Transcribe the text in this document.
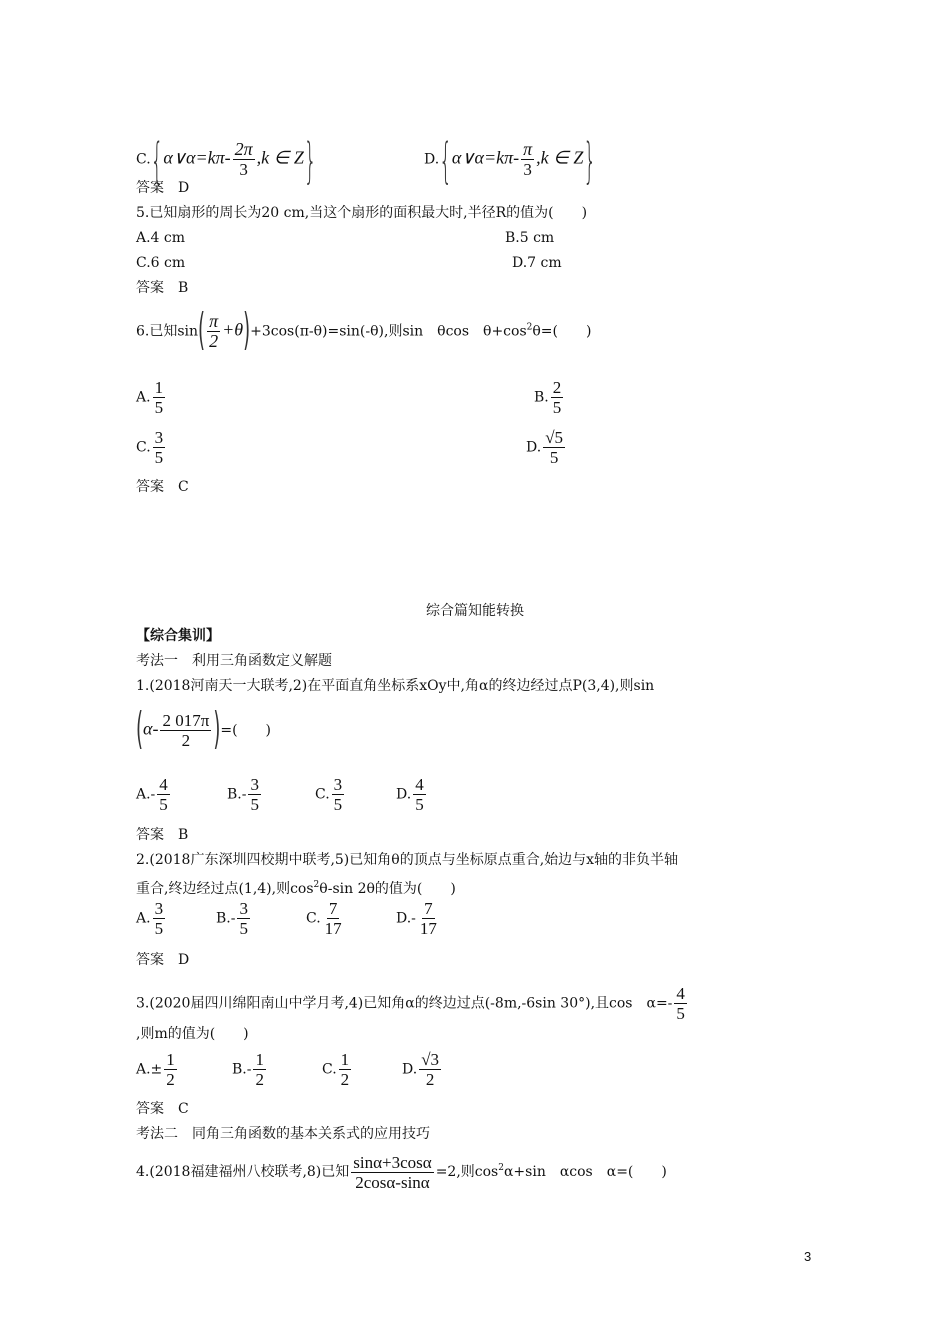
C.{α∨α=kπ- $\frac{2\pi}{3} ,k$ ∈ Z}	D.{α∨α=kπ- $\frac{\pi}{3} ,k$ ∈ Z}
答案　D
5.已知扇形的周长为20 cm,当这个扇形的面积最大时,半径R的值为(　　)
A.4 cm	B.5 cm
C.6 cm	D.7 cm
答案　B
6.已知$\sin( \frac{\pi}{2} +\theta)+3\cos(\pi-\theta)=\sin(-\theta)$,则sin　θcos　$\theta+\cos^2\theta=$(　　)
A. $\frac{1}{5}$	B. $\frac{2}{5}$
C. $\frac{3}{5}$	D. $\frac{√5}{5}$
答案　C
综合篇知能转换
【综合集训】
考法一　利用三角函数定义解题
1.(2018河南天一大联考,2)在平面直角坐标系xOy中,角α的终边经过点P(3,4),则sin
($\alpha- \frac{2 017\pi}{2}$ )=(　　)
$A.- \frac{4}{5}$	$B.- \frac{3}{5}$	C. $\frac{3}{5}$	D. $\frac{4}{5}$
答案　B
2.(2018广东深圳四校期中联考,5)已知角θ的顶点与坐标原点重合,始边与x轴的非负半轴
重合,终边经过点(1,4),则$\cos^2\theta-\sin$ 2θ的值为(　　)
A. $\frac{3}{5}$	$B.- \frac{3}{5}$	C. $\frac{7}{17}$	$D.- \frac{7}{17}$
答案　D
3.(2020届四川绵阳南山中学月考,4)已知角α的终边过点(-8m,-6sin 30°),且cos　$\alpha=- \frac{4}{5}$
,则m的值为(　　)
$A.\pm \frac{1}{2}$	$B.- \frac{1}{2}$	C. $\frac{1}{2}$	D. $\frac{√3}{2}$
答案　C
考法二　同角三角函数的基本关系式的应用技巧
4.(2018福建福州八校联考,8)已知 $\frac{\sin\alpha+3\cos\alpha}{2\cos\alpha-\sin\alpha} =2$,则$\cos^2\alpha+\sin$　αcos　α=(　　)
3
